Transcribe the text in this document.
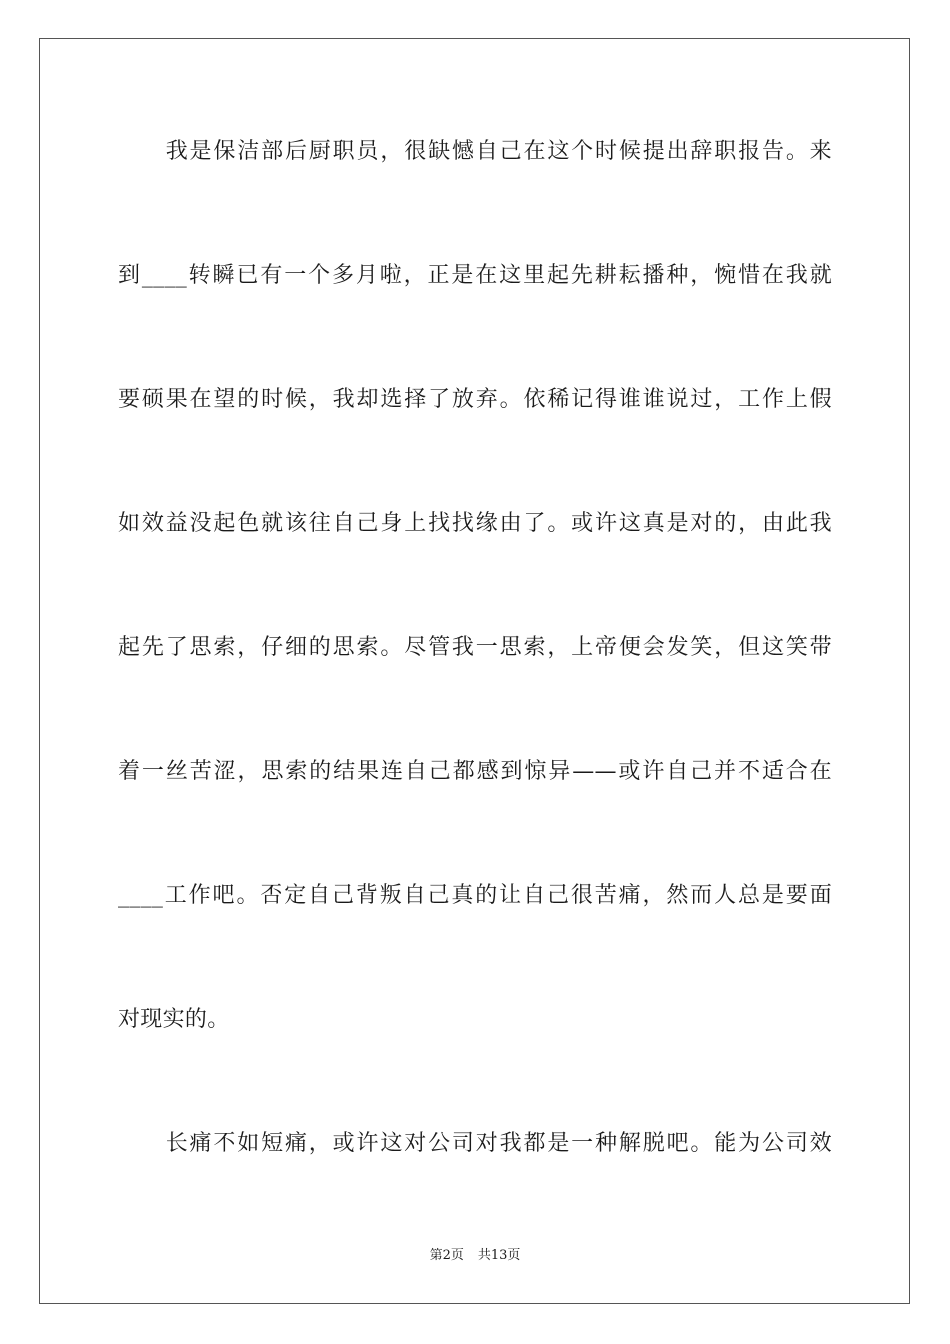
　　我是保洁部后厨职员，很缺憾自己在这个时候提出辞职报告。来
到____转瞬已有一个多月啦，正是在这里起先耕耘播种，惋惜在我就
要硕果在望的时候，我却选择了放弃。依稀记得谁谁说过，工作上假
如效益没起色就该往自己身上找找缘由了。或许这真是对的，由此我
起先了思索，仔细的思索。尽管我一思索，上帝便会发笑，但这笑带
着一丝苦涩，思索的结果连自己都感到惊异——或许自己并不适合在
____工作吧。否定自己背叛自己真的让自己很苦痛，然而人总是要面
对现实的。
　　长痛不如短痛，或许这对公司对我都是一种解脱吧。能为公司效
第2页 共13页
